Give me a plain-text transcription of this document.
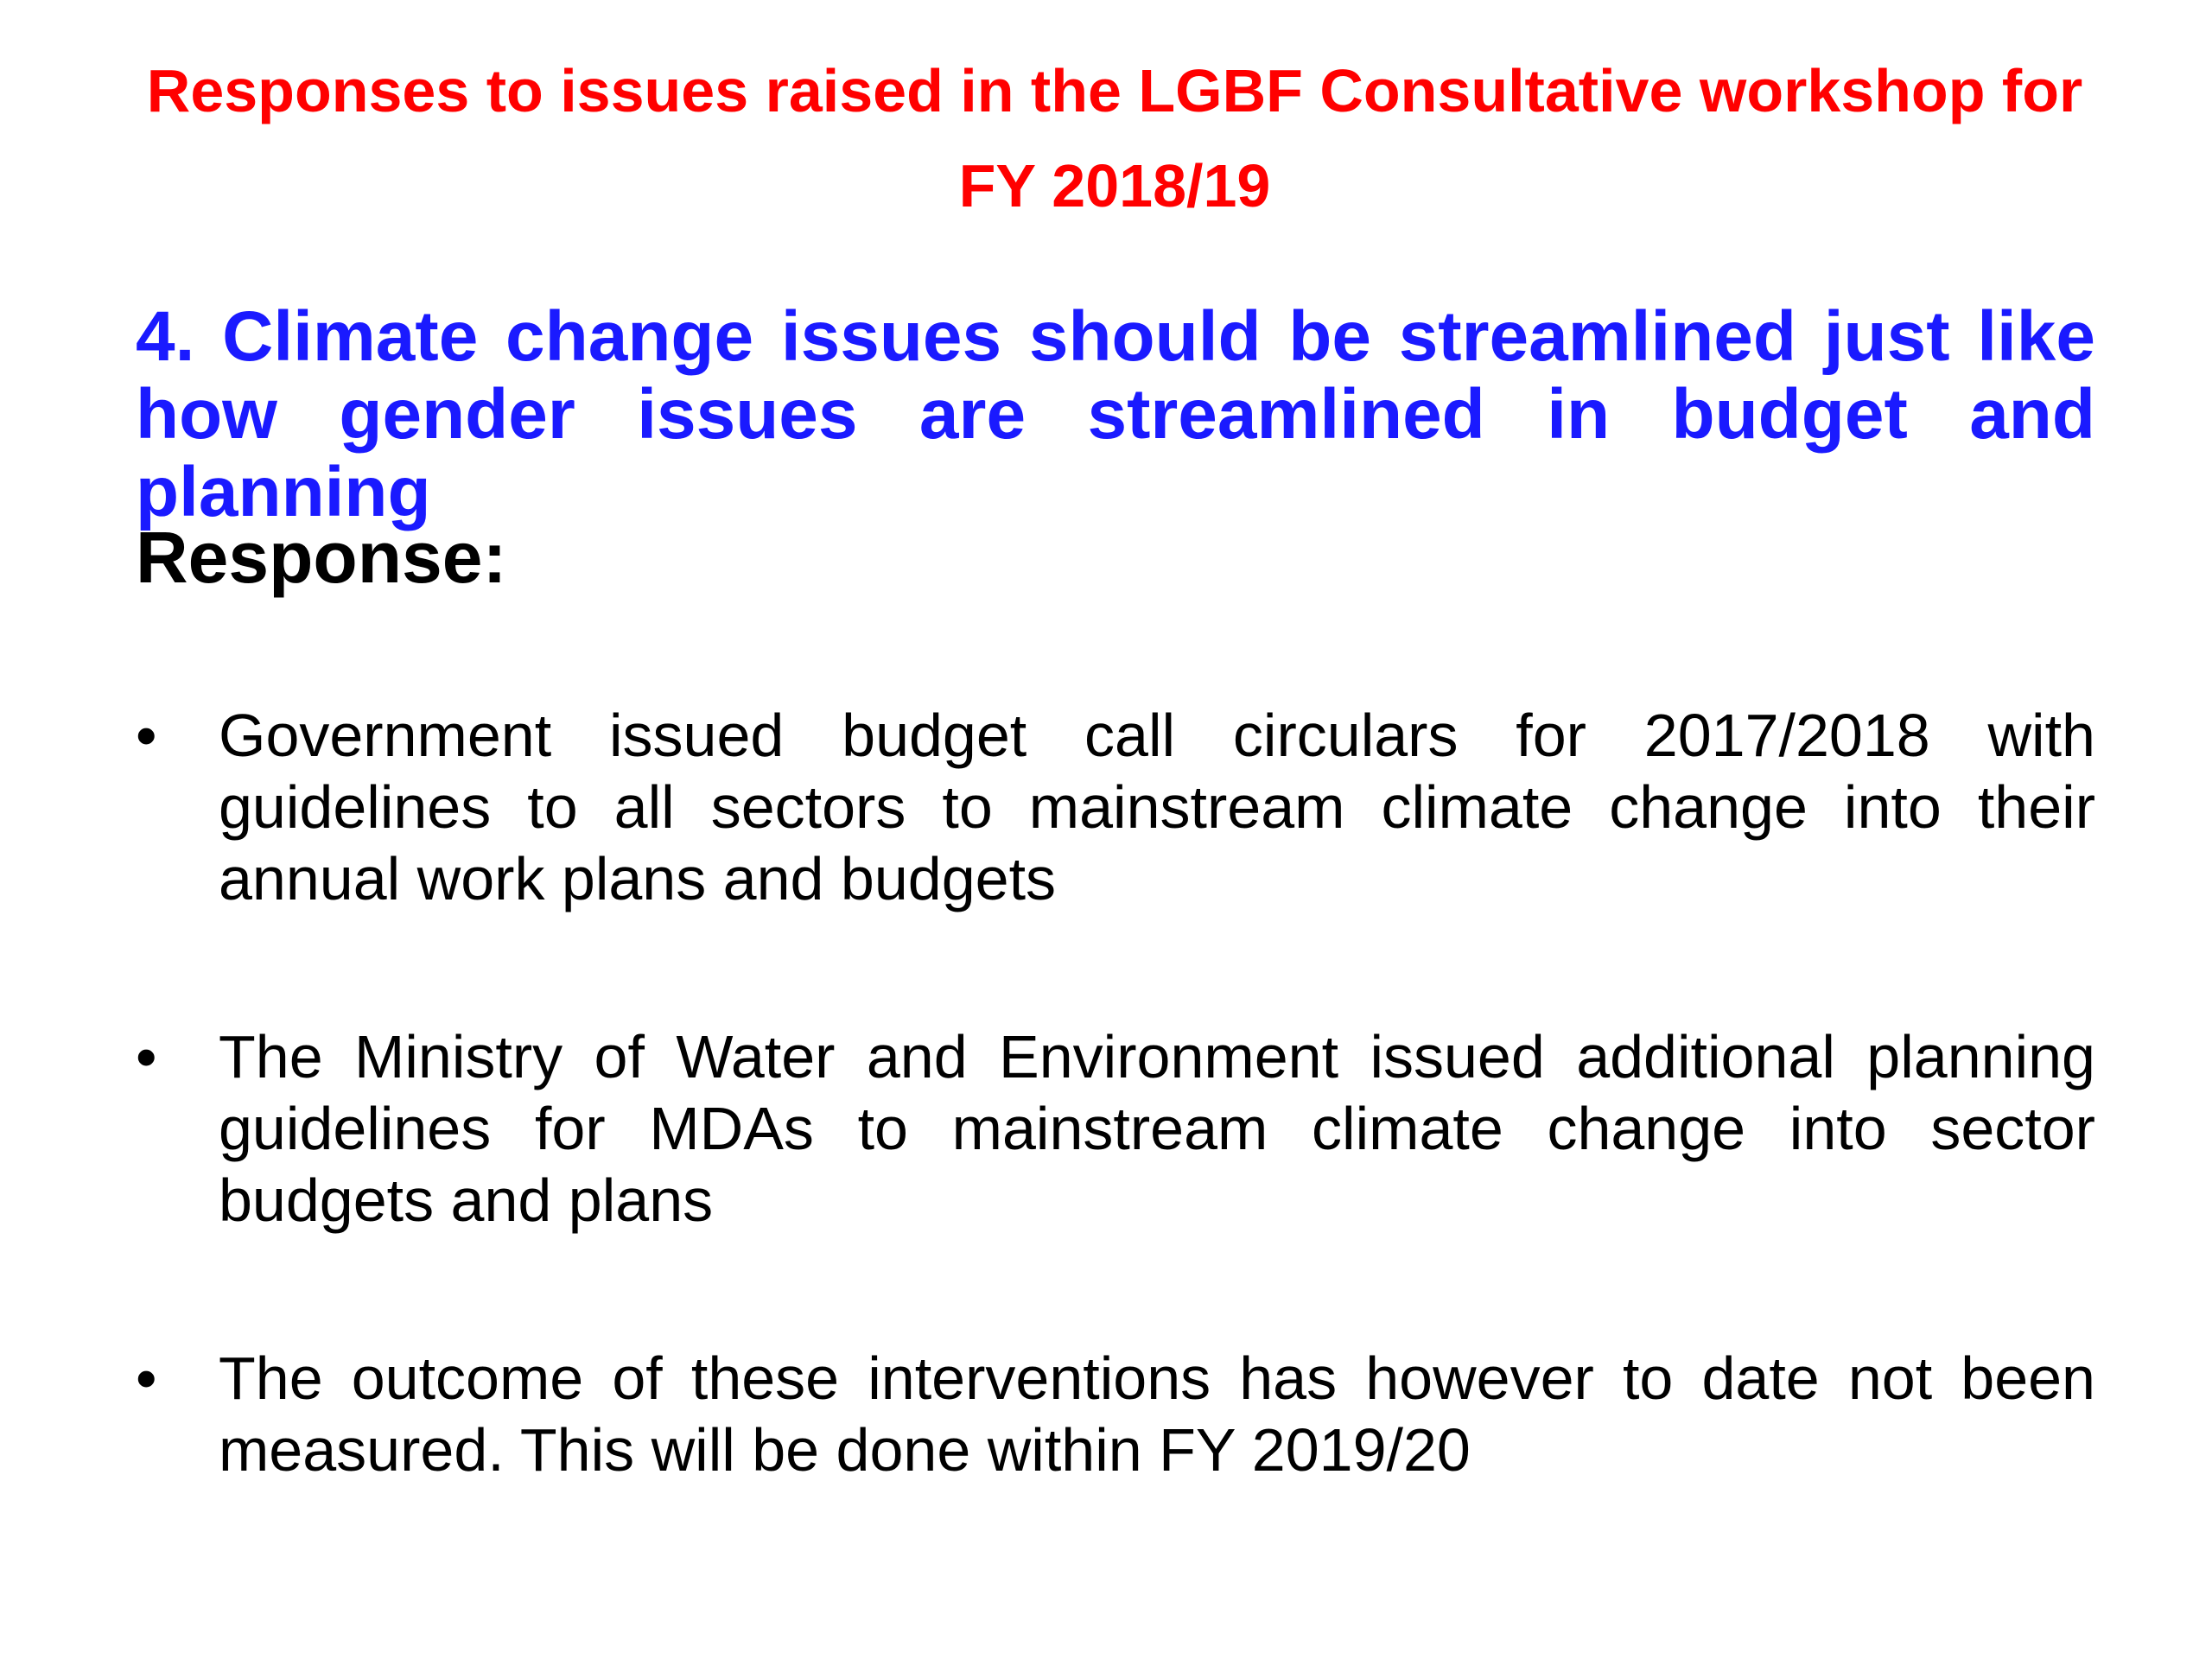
Responses to issues raised in the LGBF Consultative workshop for FY 2018/19
4. Climate change issues should be streamlined just like how gender issues are streamlined in budget and planning
Response:
• Government issued budget call circulars for 2017/2018 with guidelines to all sectors to mainstream climate change into their annual work plans and budgets
• The Ministry of Water and Environment issued additional planning guidelines for MDAs to mainstream climate change into sector budgets and plans
• The outcome of these interventions has however to date not been measured. This will be done within FY 2019/20
